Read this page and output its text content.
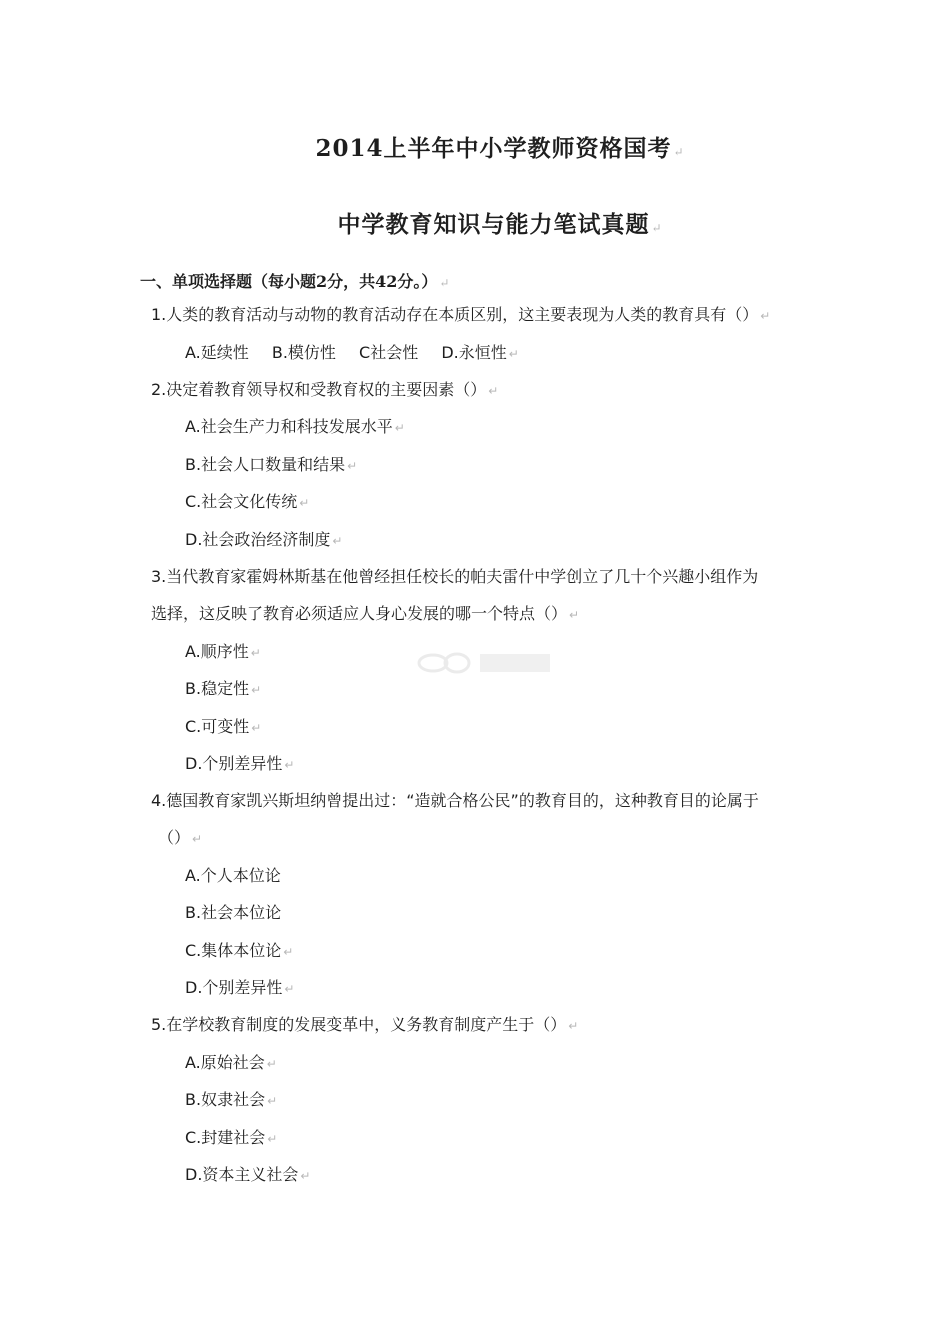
2014上半年中小学教师资格国考 ↵
中学教育知识与能力笔试真题 ↵
一、单项选择题（每小题2分，共42分。） ↵
1.人类的教育活动与动物的教育活动存在本质区别，这主要表现为人类的教育具有（） ↵
A.延续性 B.模仿性 C社会性 D.永恒性 ↵
2.决定着教育领导权和受教育权的主要因素（） ↵
A.社会生产力和科技发展水平 ↵
B.社会人口数量和结果 ↵
C.社会文化传统 ↵
D.社会政治经济制度 ↵
3.当代教育家霍姆林斯基在他曾经担任校长的帕夫雷什中学创立了几十个兴趣小组作为
选择，这反映了教育必须适应人身心发展的哪一个特点（） ↵
A.顺序性 ↵
B.稳定性 ↵
C.可变性 ↵
D.个别差异性 ↵
4.德国教育家凯兴斯坦纳曾提出过：“造就合格公民”的教育目的，这种教育目的论属于
（） ↵
A.个人本位论
B.社会本位论
C.集体本位论 ↵
D.个别差异性 ↵
5.在学校教育制度的发展变革中，义务教育制度产生于（） ↵
A.原始社会 ↵
B.奴隶社会 ↵
C.封建社会 ↵
D.资本主义社会 ↵
